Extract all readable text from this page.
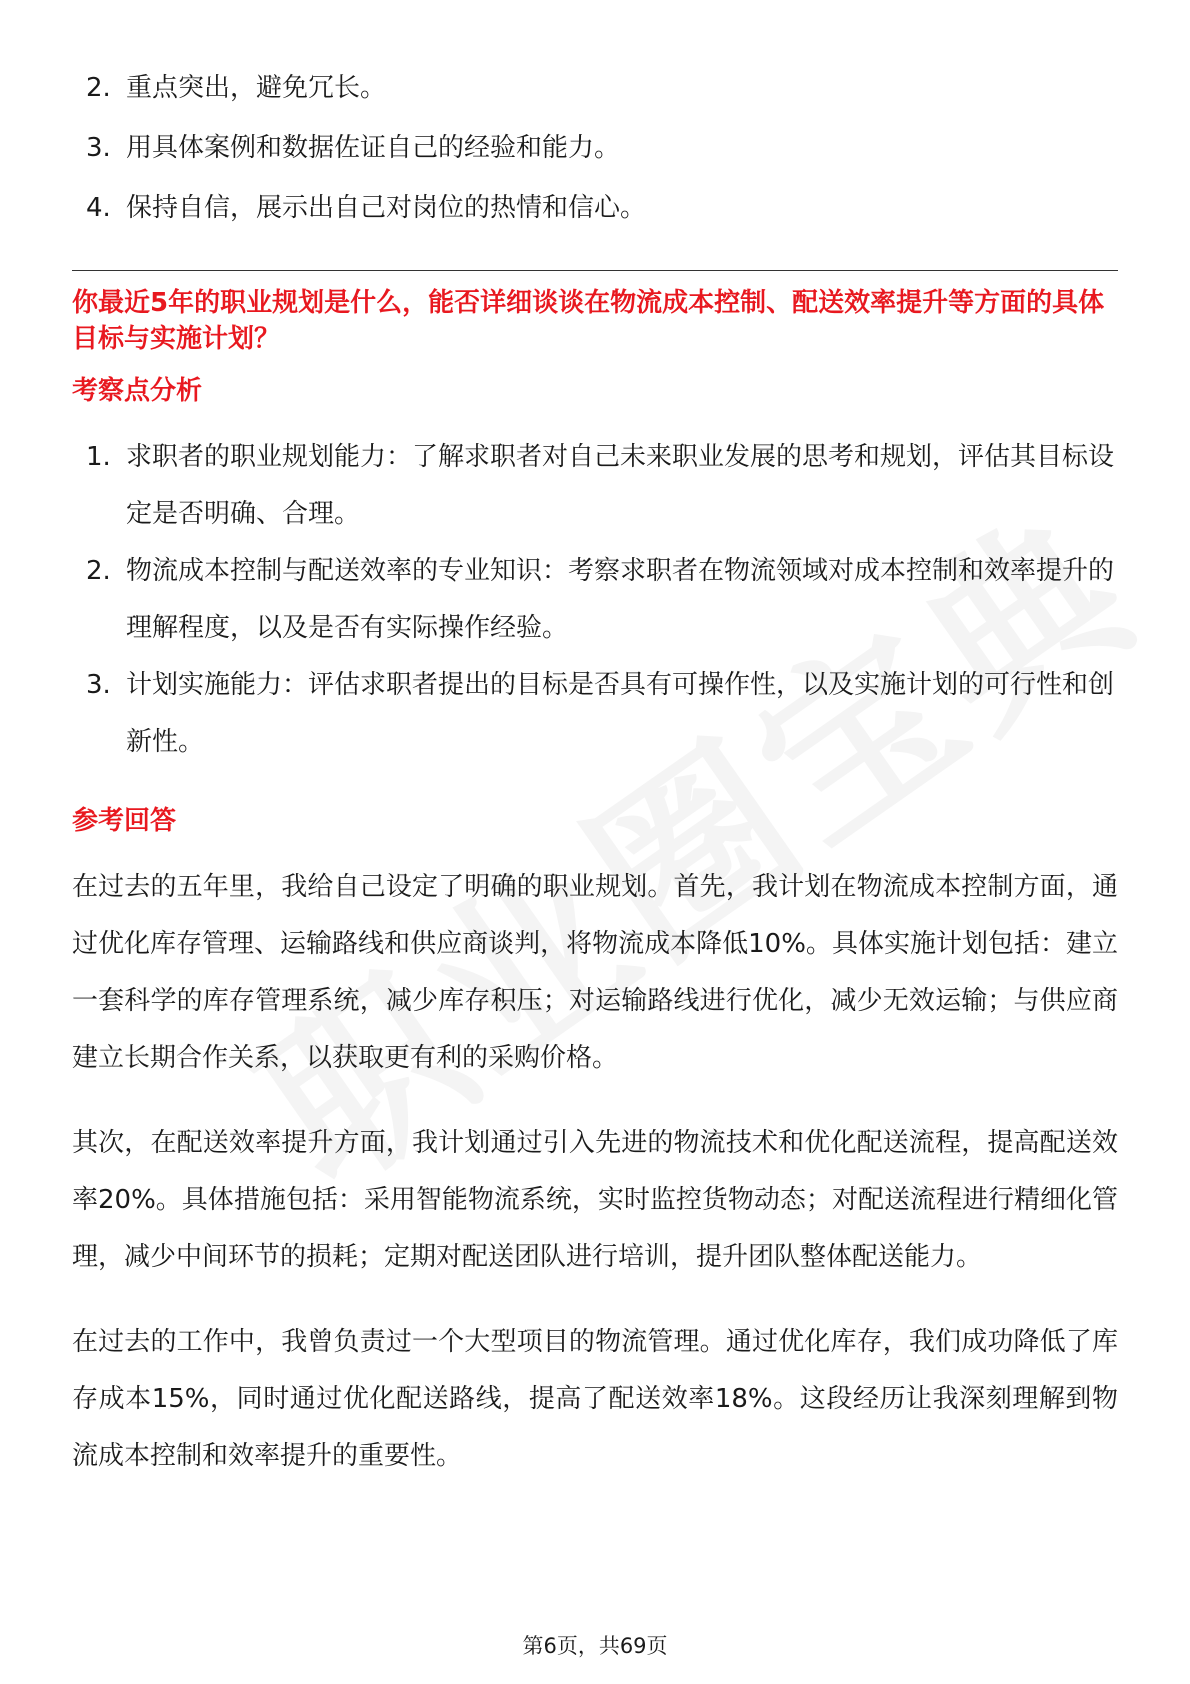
2. 重点突出，避免冗长。
3. 用具体案例和数据佐证自己的经验和能力。
4. 保持自信，展示出自己对岗位的热情和信心。
你最近5年的职业规划是什么，能否详细谈谈在物流成本控制、配送效率提升等方面的具体目标与实施计划？
考察点分析
1. 求职者的职业规划能力：了解求职者对自己未来职业发展的思考和规划，评估其目标设定是否明确、合理。
2. 物流成本控制与配送效率的专业知识：考察求职者在物流领域对成本控制和效率提升的理解程度，以及是否有实际操作经验。
3. 计划实施能力：评估求职者提出的目标是否具有可操作性，以及实施计划的可行性和创新性。
参考回答

在过去的五年里，我给自己设定了明确的职业规划。首先，我计划在物流成本控制方面，通过优化库存管理、运输路线和供应商谈判，将物流成本降低10%。具体实施计划包括：建立一套科学的库存管理系统，减少库存积压；对运输路线进行优化，减少无效运输；与供应商建立长期合作关系，以获取更有利的采购价格。

其次，在配送效率提升方面，我计划通过引入先进的物流技术和优化配送流程，提高配送效率20%。具体措施包括：采用智能物流系统，实时监控货物动态；对配送流程进行精细化管理，减少中间环节的损耗；定期对配送团队进行培训，提升团队整体配送能力。

在过去的工作中，我曾负责过一个大型项目的物流管理。通过优化库存，我们成功降低了库存成本15%，同时通过优化配送路线，提高了配送效率18%。这段经历让我深刻理解到物流成本控制和效率提升的重要性。

第6页，共69页
